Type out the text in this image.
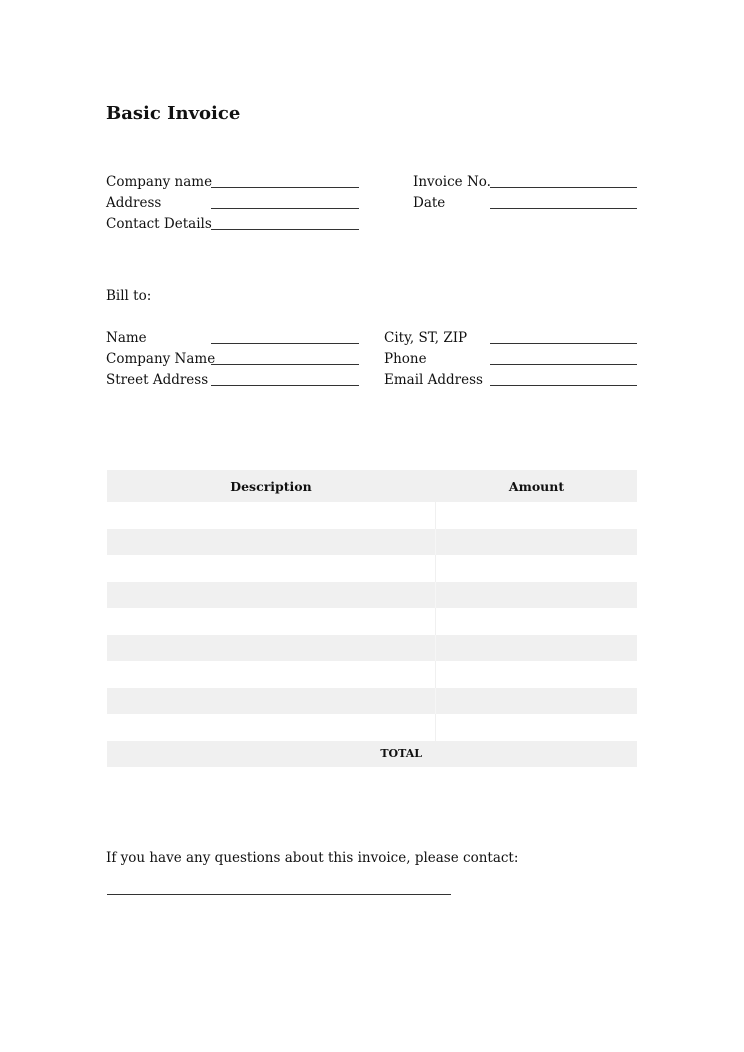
Basic Invoice
Company name
Address
Contact Details
Invoice No.
Date
Bill to:
Name
Company Name
Street Address
City, ST, ZIP
Phone
Email Address
Description	Amount
TOTAL
If you have any questions about this invoice, please contact:
